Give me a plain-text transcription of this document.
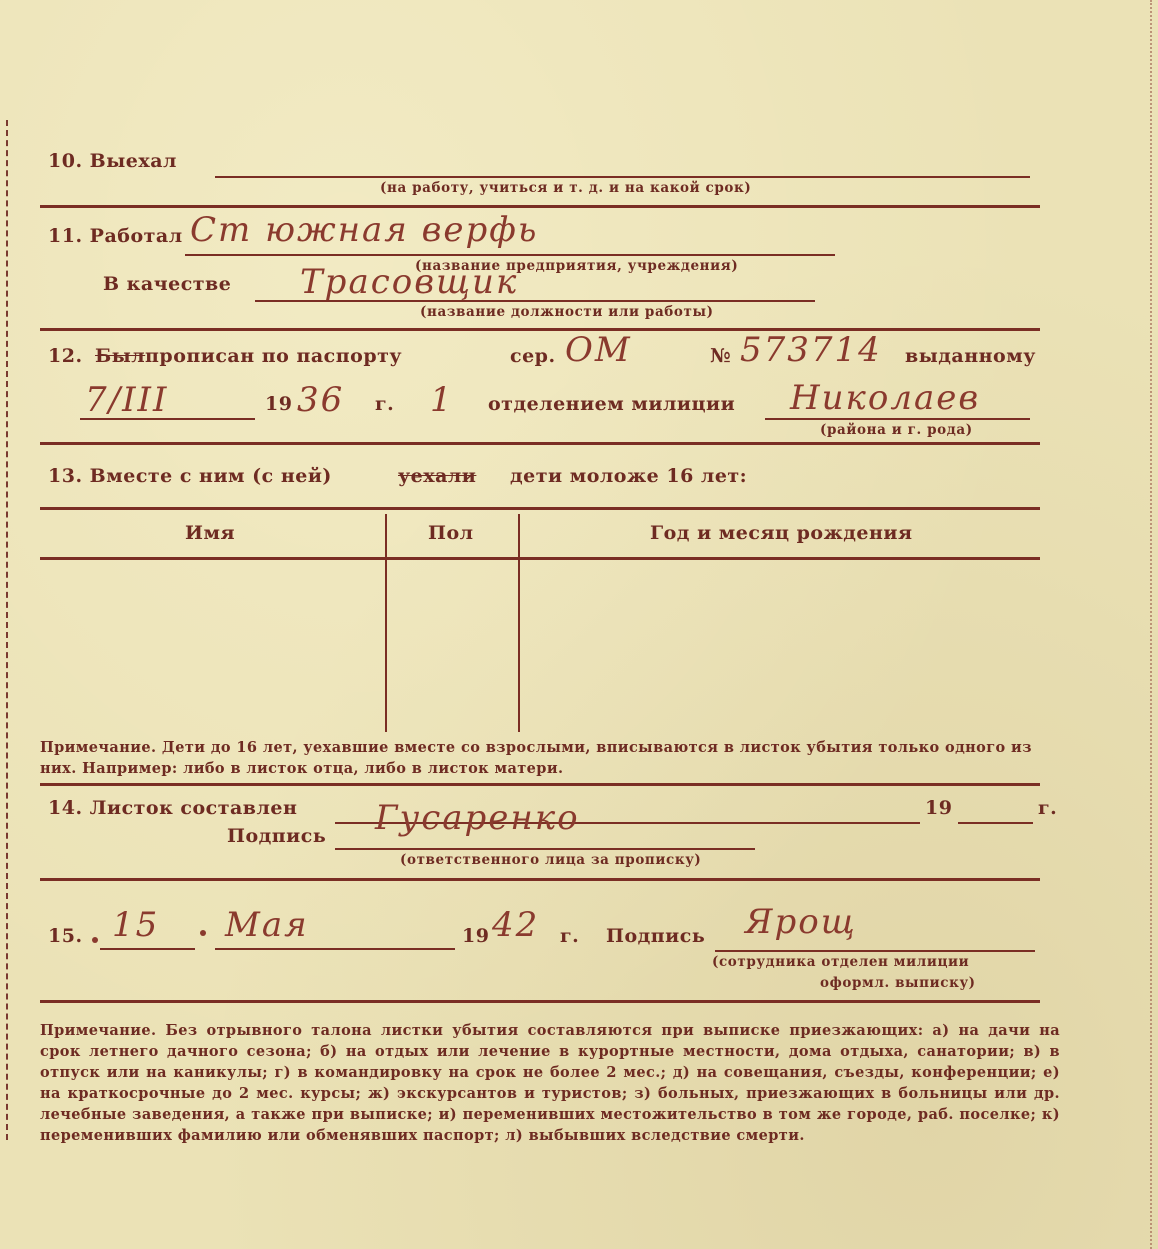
10. Выехал
(на работу, учиться и т. д. и на какой срок)
11. Работал Ст южная верфь
(название предприятия, учреждения)
В качестве Трасовщик
(название должности или работы)
12. Был прописан по паспорту	сер. ОМ	№ 573714 выданному
7/III	19 36 г. 1 отделением милиции Николаев
(района и г. рода)
13. Вместе с ним (с ней)	уехали дети моложе 16 лет:
Имя	Пол	Год и месяц рождения
Примечание. Дети до 16 лет, уехавшие вместе со взрослыми, вписываются в листок убытия только одного из них. Например: либо в листок отца, либо в листок матери.
14. Листок составлен	19	г.
Гусаренко
Подпись
(ответственного лица за прописку)
15. 15 Мая	19 42 г. Подпись Ярощ
(сотрудника отделен милиции
оформл. выписку)
Примечание. Без отрывного талона листки убытия составляются при выписке приезжающих: а) на дачи на срок летнего дачного сезона; б) на отдых или лечение в курортные местности, дома отдыха, санатории; в) в отпуск или на каникулы; г) в командировку на срок не более 2 мес.; д) на совещания, съезды, конференции; е) на краткосрочные до 2 мес. курсы; ж) экскурсантов и туристов; з) больных, приезжающих в больницы или др. лечебные заведения, а также при выписке; и) переменивших местожительство в том же городе, раб. поселке; к) переменивших фамилию или обменявших паспорт; л) выбывших вследствие смерти.
